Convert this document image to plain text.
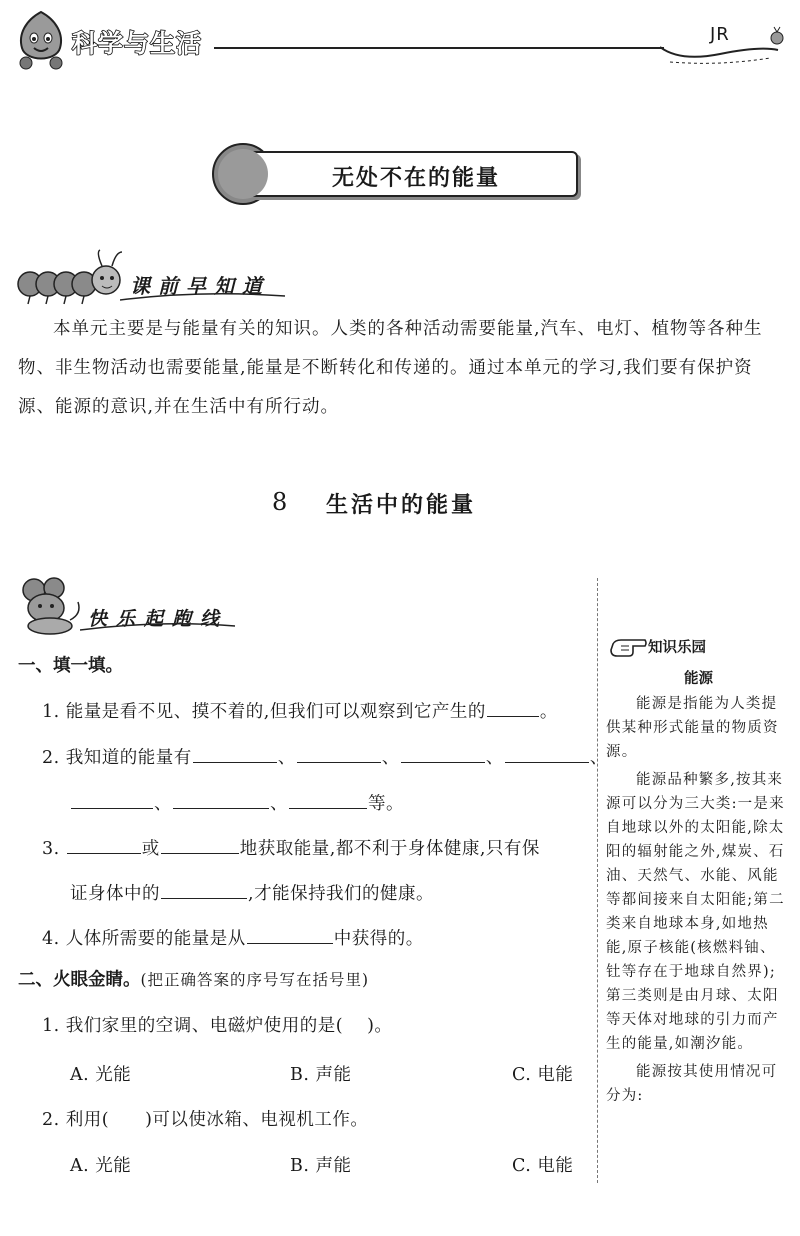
科学与生活	JR
无处不在的能量
课前早知道
本单元主要是与能量有关的知识。人类的各种活动需要能量,汽车、电灯、植物等各种生物、非生物活动也需要能量,能量是不断转化和传递的。通过本单元的学习,我们要有保护资源、能源的意识,并在生活中有所行动。
8 生活中的能量
快乐起跑线
一、填一填。
1. 能量是看不见、摸不着的,但我们可以观察到它产生的	。
2. 我知道的能量有	、	、	、	、
、	、	等。
3.	或	地获取能量,都不利于身体健康,只有保
证身体中的	,才能保持我们的健康。
4. 人体所需要的能量是从	中获得的。
二、火眼金睛。(把正确答案的序号写在括号里)
1. 我们家里的空调、电磁炉使用的是( )。
A. 光能	B. 声能	C. 电能
2. 利用( )可以使冰箱、电视机工作。
A. 光能	B. 声能	C. 电能
知识乐园
能源
能源是指能为人类提供某种形式能量的物质资源。
能源品种繁多,按其来源可以分为三大类:一是来自地球以外的太阳能,除太阳的辐射能之外,煤炭、石油、天然气、水能、风能等都间接来自太阳能;第二类来自地球本身,如地热能,原子核能(核燃料铀、钍等存在于地球自然界);第三类则是由月球、太阳等天体对地球的引力而产生的能量,如潮汐能。
能源按其使用情况可分为:
